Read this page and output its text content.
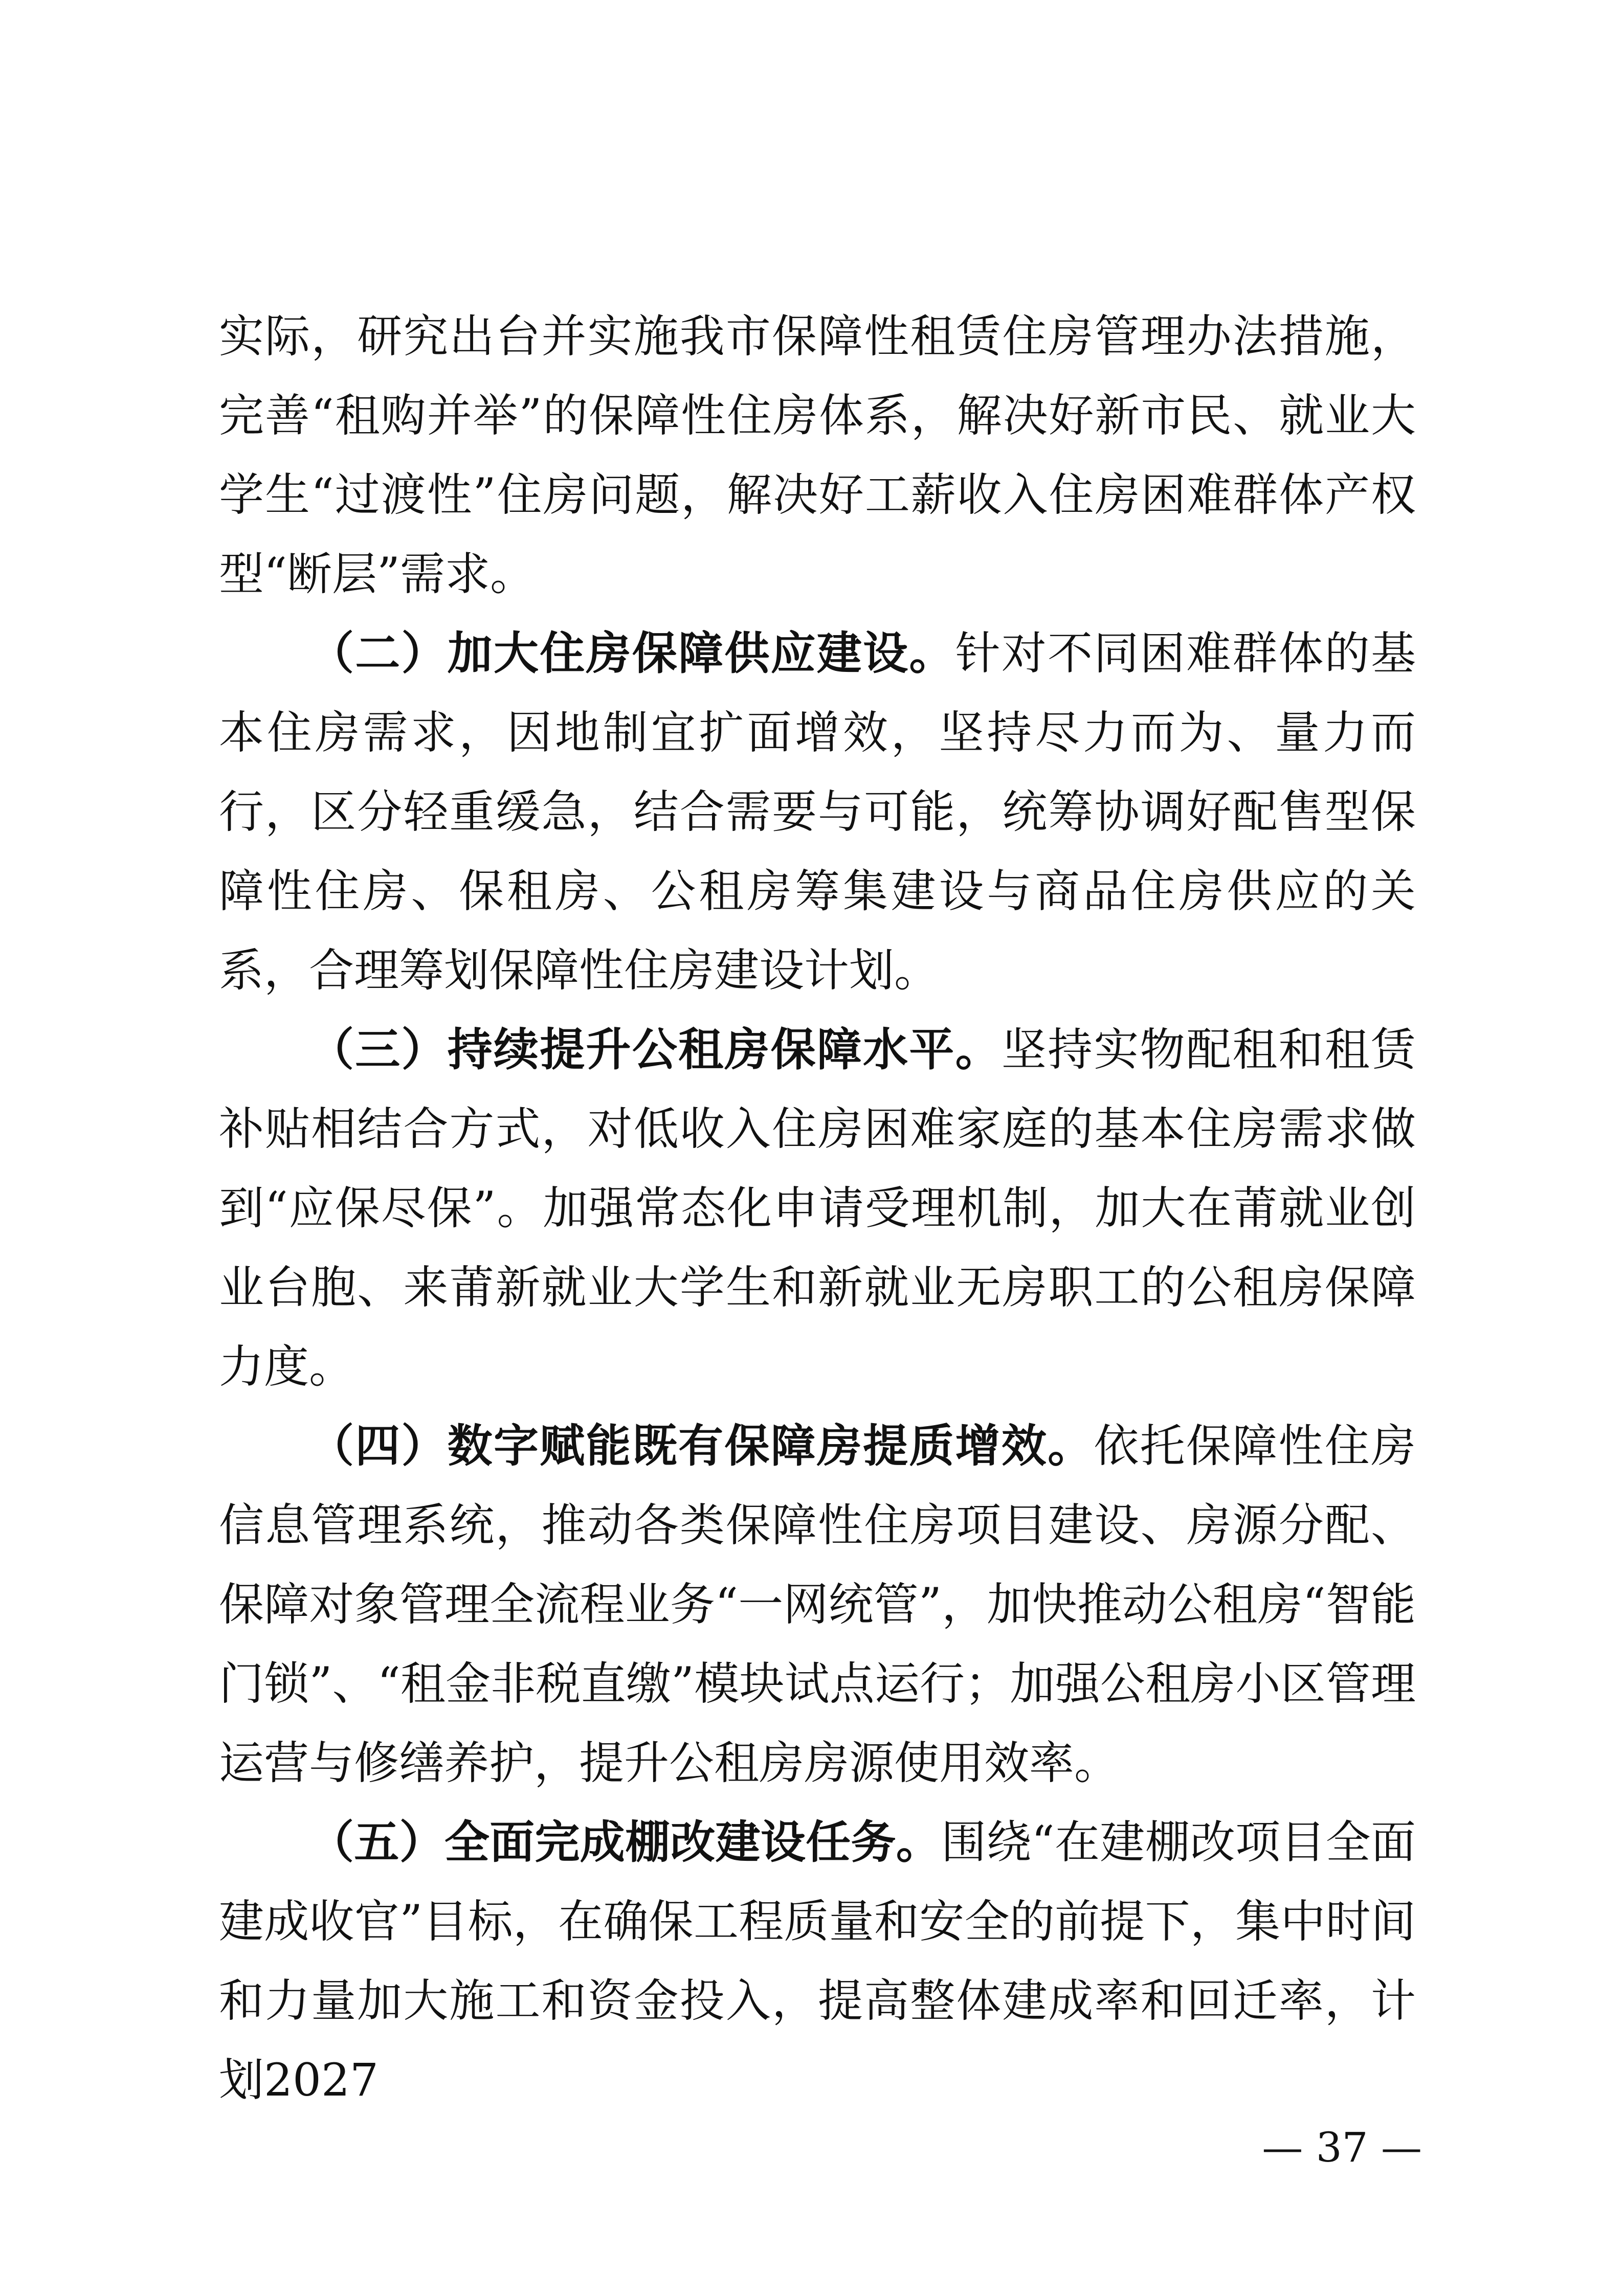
实际，研究出台并实施我市保障性租赁住房管理办法措施，完善“租购并举”的保障性住房体系，解决好新市民、就业大学生“过渡性”住房问题，解决好工薪收入住房困难群体产权型“断层”需求。

（二）加大住房保障供应建设。针对不同困难群体的基本住房需求，因地制宜扩面增效，坚持尽力而为、量力而行，区分轻重缓急，结合需要与可能，统筹协调好配售型保障性住房、保租房、公租房筹集建设与商品住房供应的关系，合理筹划保障性住房建设计划。

（三）持续提升公租房保障水平。坚持实物配租和租赁补贴相结合方式，对低收入住房困难家庭的基本住房需求做到“应保尽保”。加强常态化申请受理机制，加大在莆就业创业台胞、来莆新就业大学生和新就业无房职工的公租房保障力度。

（四）数字赋能既有保障房提质增效。依托保障性住房信息管理系统，推动各类保障性住房项目建设、房源分配、保障对象管理全流程业务“一网统管”，加快推动公租房“智能门锁”、“租金非税直缴”模块试点运行；加强公租房小区管理运营与修缮养护，提升公租房房源使用效率。

（五）全面完成棚改建设任务。围绕“在建棚改项目全面建成收官”目标，在确保工程质量和安全的前提下，集中时间和力量加大施工和资金投入，提高整体建成率和回迁率，计划2027

— 37 —
